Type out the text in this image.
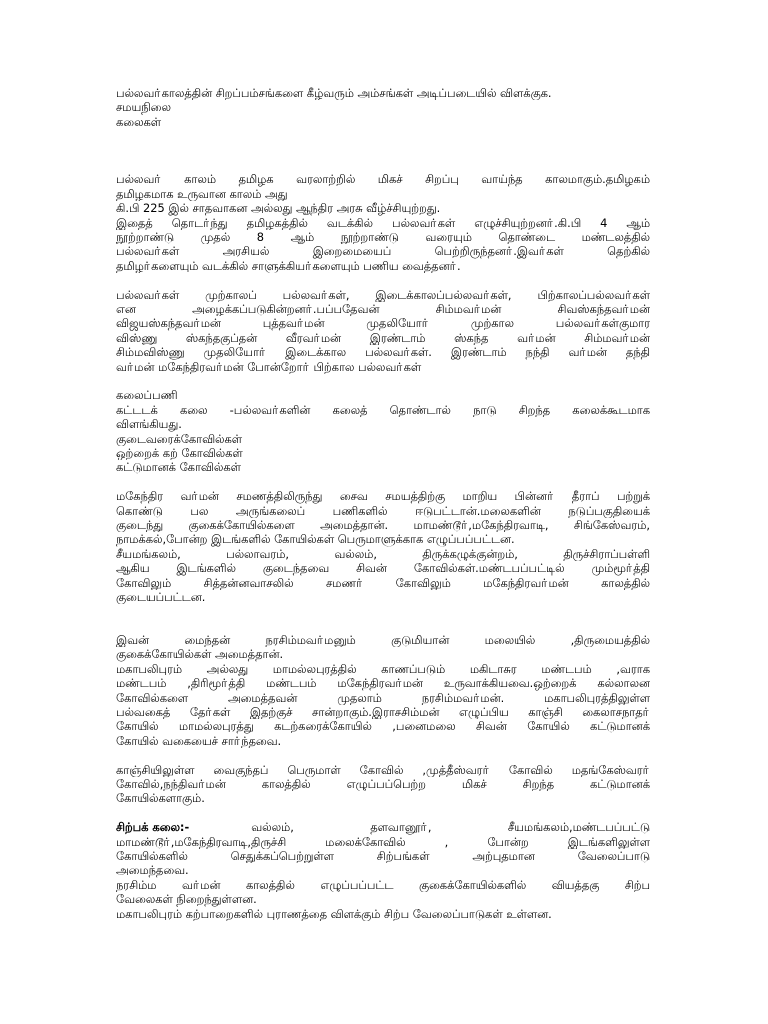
பல்லவா்காலத்தின் சிறப்பம்சங்களை கீழ்வரும் அம்சங்கள் அடிப்படையில் விளக்குக.
சமயநிலை
கலைகள்
பல்லவா் காலம் தமிழக வரலாற்றில் மிகச் சிறப்பு வாய்ந்த காலமாகும்.தமிழகம்
தமிழகமாக உருவான காலம் அது
கி.பி 225 இல் சாதவாகன அல்லது ஆந்திர அரசு வீழ்ச்சியுற்றது.
இதைத் தொடா்ந்து தமிழகத்தில் வடக்கில் பல்லவா்கள் எழுச்சியுற்றனா்.கி.பி 4 ஆம்
நூற்றாண்டு முதல் 8 ஆம் நூற்றாண்டு வரையும் தொண்டை மண்டலத்தில்
பல்லவா்கள் அரசியல் இறைமையைப் பெற்றிருந்தனா்.இவா்கள் தெற்கில்
தமிழா்களையும் வடக்கில் சாளுக்கியா்களையும் பணிய வைத்தனா்.
பல்லவா்கள் முற்காலப் பல்லவா்கள், இடைக்காலப்பல்லவா்கள், பிற்காலப்பல்லவா்கள்
என அழைக்கப்படுகின்றனா்.பப்பதேவன் சிம்மவா்மன் சிவஸ்கந்தவா்மன்
விஜயஸ்கந்தவா்மன் புத்தவா்மன் முதலியோா் முற்கால பல்லவா்கள்குமார
விஸ்ணு ஸ்கந்தகுப்தன் வீரவா்மன் இரண்டாம் ஸ்கந்த வா்மன் சிம்மவா்மன்
சிம்மவிஸ்ணு முதலியோா் இடைக்கால பல்லவா்கள். இரண்டாம் நந்தி வா்மன் தந்தி
வா்மன் மகேந்திரவா்மன் போன்றோா் பிற்கால பல்லவா்கள்
கலைப்பணி
கட்டடக் கலை -பல்லவா்களின் கலைத் தொண்டால் நாடு சிறந்த கலைக்கூடமாக
விளங்கியது.
குடைவரைக்கோவில்கள்
ஒற்றைக் கற் கோவில்கள்
கட்டுமானக் கோவில்கள்
மகேந்திர வா்மன் சமணத்திலிருந்து சைவ சமயத்திற்கு மாறிய பின்னா் தீராப் பற்றுக்
கொண்டு பல அருங்கலைப் பணிகளில் ஈடுபட்டான்.மலைகளின் நடுப்பகுதியைக்
குடைந்து குகைக்கோயில்களை அமைத்தான். மாமண்டூா்,மகேந்திரவாடி, சிங்கேஸ்வரம்,
நாமக்கல்,போன்ற இடங்களில் கோயில்கள் பெருமாளுக்காக எழுப்பப்பட்டன.
சீயமங்கலம், பல்லாவரம், வல்லம், திருக்கழுக்குன்றம், திருச்சிராப்பள்ளி
ஆகிய இடங்களில் குடைந்தவை சிவன் கோவில்கள்.மண்டபப்பட்டில் மும்மூா்த்தி
கோவிலும் சித்தன்னவாசலில் சமணா் கோவிலும் மகேந்திரவா்மன் காலத்தில்
குடையப்பட்டன.
இவன் மைந்தன் நரசிம்மவா்மனும் குடுமியான் மலையில் ,திருமையத்தில்
குகைக்கோயில்கள் அமைத்தான்.
மகாபலிபுரம் அல்லது மாமல்லபுரத்தில் காணப்படும் மகிடாசுர மண்டபம் ,வராக
மண்டபம் ,திரிமூா்த்தி மண்டபம் மகேந்திரவா்மன் உருவாக்கியவை.ஒற்றைக் கல்லாலன
கோவில்களை அமைத்தவன் முதலாம் நரசிம்மவா்மன். மகாபலிபுரத்திலுள்ள
பல்வகைத் தோ்கள் இதற்குச் சான்றாகும்.இராசசிம்மன் எழுப்பிய காஞ்சி கைலாசநாதா்
கோயில் மாமல்லபுரத்து கடற்கரைக்கோயில் ,பனைமலை சிவன் கோயில் கட்டுமானக்
கோயில் வகையைச் சாா்ந்தவை.
காஞ்சியிலுள்ள வைகுந்தப் பெருமாள் கோவில் ,முத்தீஸ்வரா் கோவில் மதங்கேஸ்வரா்
கோவில்,நந்திவா்மன் காலத்தில் எழுப்பப்பெற்ற மிகச் சிறந்த கட்டுமானக்
கோயில்களாகும்.
சிற்பக் கலை:-	வல்லம், தளவானூா், சீயமங்கலம்,மண்டபப்பட்டு
மாமண்டூா்,மகேந்திரவாடி,திருச்சி மலைக்கோவில் , போன்ற இடங்களிலுள்ள
கோயில்களில் செதுக்கப்பெற்றுள்ள சிற்பங்கள் அற்புதமான வேலைப்பாடு
அமைந்தவை.
நரசிம்ம வா்மன் காலத்தில் எழுப்பப்பட்ட குகைக்கோயில்களில் வியத்தகு சிற்ப
வேலைகள் நிறைந்துள்ளன.
மகாபலிபுரம் கற்பாறைகளில் புராணத்தை விளக்கும் சிற்ப வேலைப்பாடுகள் உள்ளன.
